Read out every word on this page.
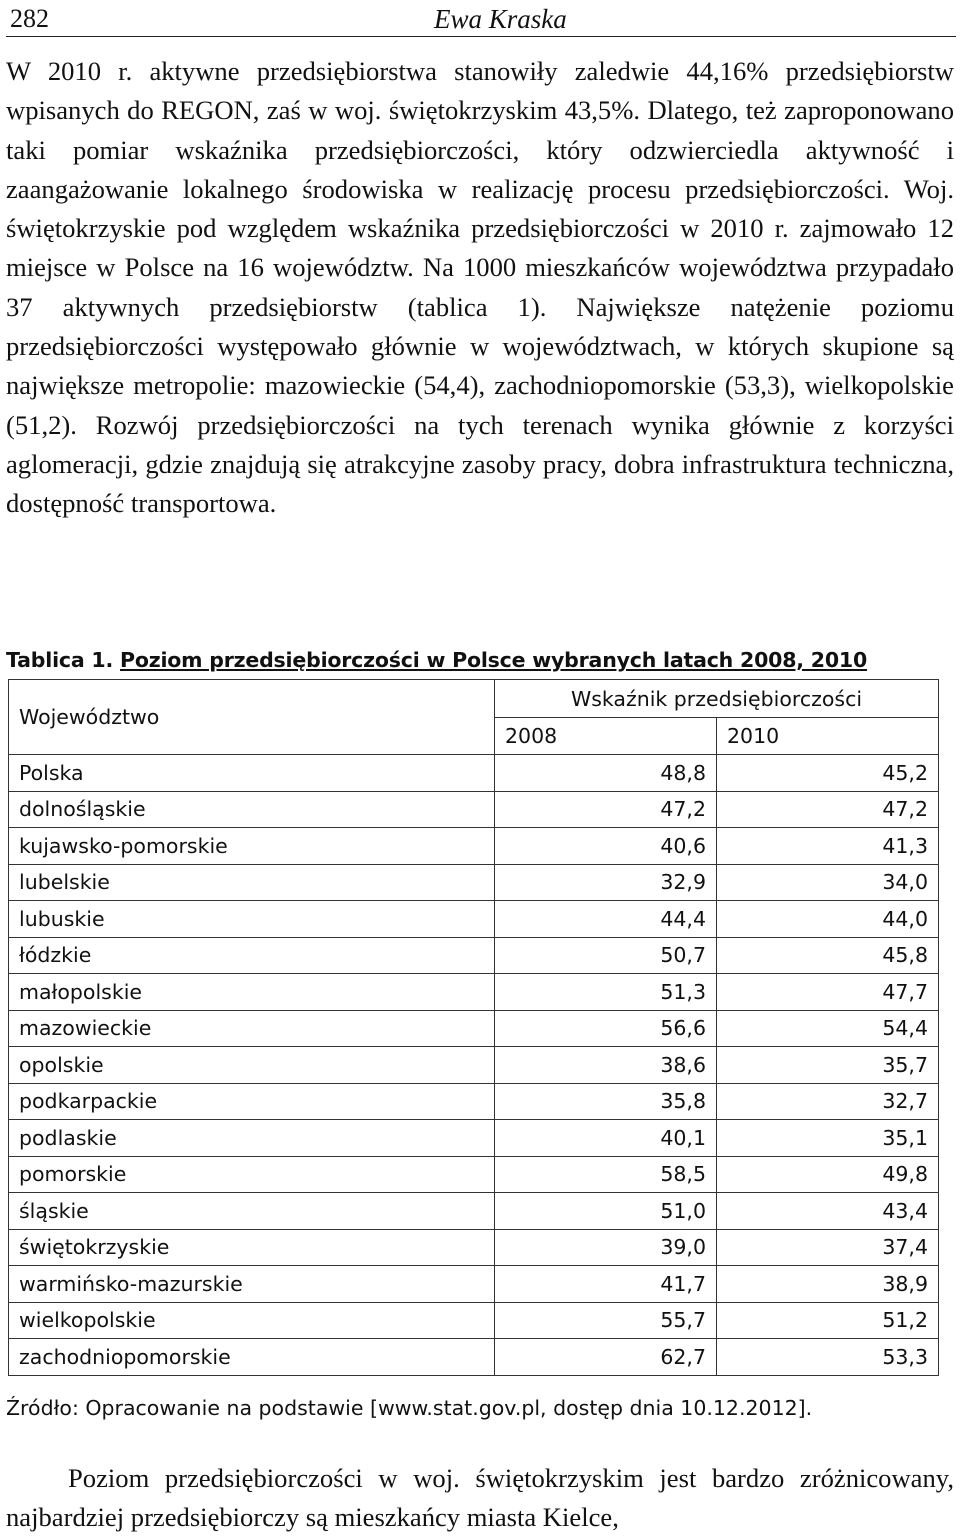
282	Ewa Kraska

W 2010 r. aktywne przedsiębiorstwa stanowiły zaledwie 44,16% przedsiębiorstw wpisanych do REGON, zaś w woj. świętokrzyskim 43,5%. Dlatego, też zaproponowano taki pomiar wskaźnika przedsiębiorczości, który odzwierciedla aktywność i zaangażowanie lokalnego środowiska w realizację procesu przedsiębiorczości. Woj. świętokrzyskie pod względem wskaźnika przedsiębiorczości w 2010 r. zajmowało 12 miejsce w Polsce na 16 województw. Na 1000 mieszkańców województwa przypadało 37 aktywnych przedsiębiorstw (tablica 1). Największe natężenie poziomu przedsiębiorczości występowało głównie w województwach, w których skupione są największe metropolie: mazowieckie (54,4), zachodniopomorskie (53,3), wielkopolskie (51,2). Rozwój przedsiębiorczości na tych terenach wynika głównie z korzyści aglomeracji, gdzie znajdują się atrakcyjne zasoby pracy, dobra infrastruktura techniczna, dostępność transportowa.

Tablica 1. Poziom przedsiębiorczości w Polsce wybranych latach 2008, 2010
Województwo	Wskaźnik przedsiębiorczości	
	2008	2010
Polska	48,8	45,2
dolnośląskie	47,2	47,2
kujawsko-pomorskie	40,6	41,3
lubelskie	32,9	34,0
lubuskie	44,4	44,0
łódzkie	50,7	45,8
małopolskie	51,3	47,7
mazowieckie	56,6	54,4
opolskie	38,6	35,7
podkarpackie	35,8	32,7
podlaskie	40,1	35,1
pomorskie	58,5	49,8
śląskie	51,0	43,4
świętokrzyskie	39,0	37,4
warmińsko-mazurskie	41,7	38,9
wielkopolskie	55,7	51,2
zachodniopomorskie	62,7	53,3
Źródło: Opracowanie na podstawie [www.stat.gov.pl, dostęp dnia 10.12.2012].

Poziom przedsiębiorczości w woj. świętokrzyskim jest bardzo zróżnicowany, najbardziej przedsiębiorczy są mieszkańcy miasta Kielce,
